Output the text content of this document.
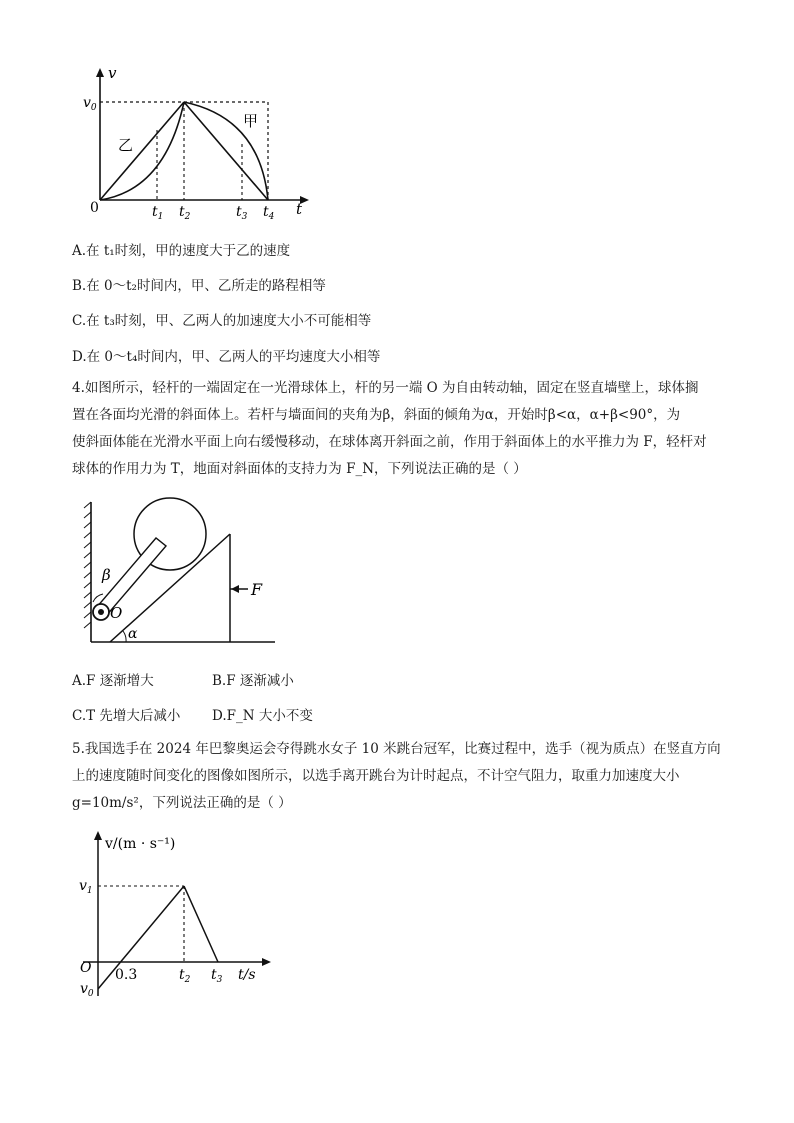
v
t
0
$v_0$
乙
甲
$t_1$ $t_2$	$t_3$ $t_4$
A.在 t₁时刻，甲的速度大于乙的速度
B.在 0～t₂时间内，甲、乙所走的路程相等
C.在 t₃时刻，甲、乙两人的加速度大小不可能相等
D.在 0～t₄时间内，甲、乙两人的平均速度大小相等
4.如图所示，轻杆的一端固定在一光滑球体上，杆的另一端 O 为自由转动轴，固定在竖直墙壁上，球体搁
置在各面均光滑的斜面体上。若杆与墙面间的夹角为β，斜面的倾角为α，开始时β<α，α+β<90°，为
使斜面体能在光滑水平面上向右缓慢移动，在球体离开斜面之前，作用于斜面体上的水平推力为 F，轻杆对
球体的作用力为 T，地面对斜面体的支持力为 F_N，下列说法正确的是（ ）
β
O
α
F
A.F 逐渐增大	B.F 逐渐减小
C.T 先增大后减小 D.F_N 大小不变
5.我国选手在 2024 年巴黎奥运会夺得跳水女子 10 米跳台冠军，比赛过程中，选手（视为质点）在竖直方向
上的速度随时间变化的图像如图所示，以选手离开跳台为计时起点，不计空气阻力，取重力加速度大小
g=10m/s²，下列说法正确的是（ ）
v/(m · s⁻¹)
$v_1$
O
$v_0$
0.3	$t_2$ $t_3$ t/s
